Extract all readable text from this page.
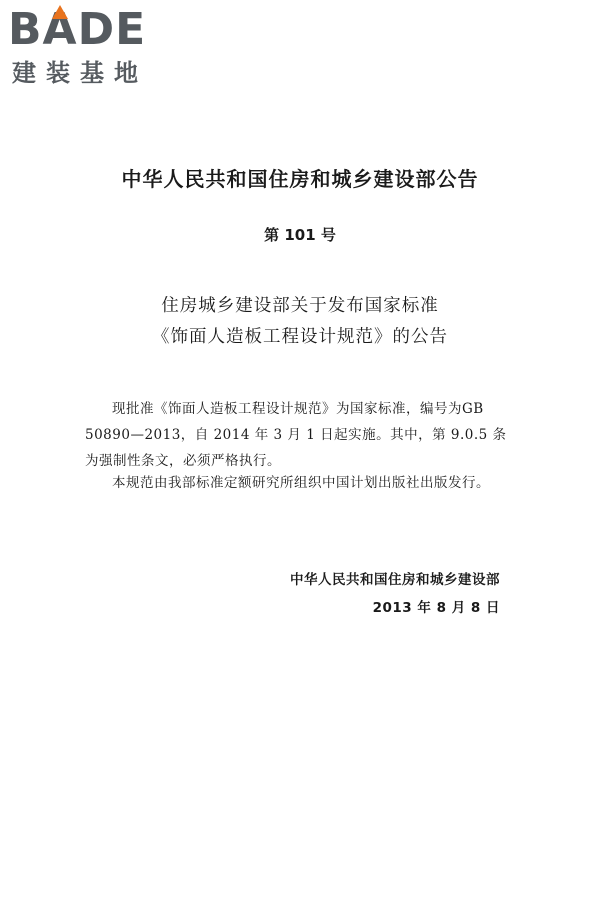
BA
DE
建装基地
中华人民共和国住房和城乡建设部公告
第 101 号
住房城乡建设部关于发布国家标准
《饰面人造板工程设计规范》的公告

现批准《饰面人造板工程设计规范》为国家标准，编号为GB 50890—2013，自 2014 年 3 月 1 日起实施。其中，第 9.0.5 条为强制性条文，必须严格执行。

本规范由我部标准定额研究所组织中国计划出版社出版发行。

中华人民共和国住房和城乡建设部
2013 年 8 月 8 日
